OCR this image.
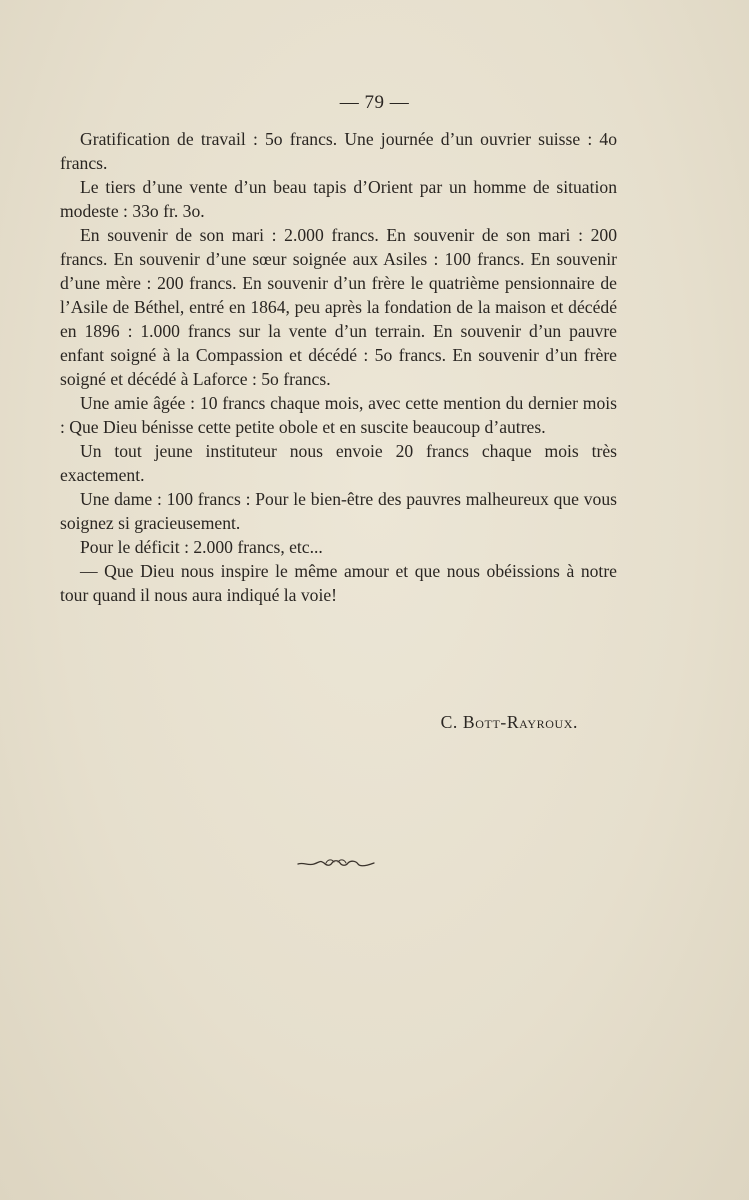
— 79 —

Gratification de travail : 5o francs. Une journée d’un ouvrier suisse : 4o francs.

Le tiers d’une vente d’un beau tapis d’Orient par un homme de situation modeste : 33o fr. 3o.

En souvenir de son mari : 2.000 francs. En souvenir de son mari : 200 francs. En souvenir d’une sœur soignée aux Asiles : 100 francs. En souvenir d’une mère : 200 francs. En souvenir d’un frère le quatrième pensionnaire de l’Asile de Béthel, entré en 1864, peu après la fondation de la maison et décédé en 1896 : 1.000 francs sur la vente d’un terrain. En souvenir d’un pauvre enfant soigné à la Compassion et décédé : 5o francs. En souvenir d’un frère soigné et décédé à Laforce : 5o francs.

Une amie âgée : 10 francs chaque mois, avec cette mention du dernier mois : Que Dieu bénisse cette petite obole et en suscite beaucoup d’autres.

Un tout jeune instituteur nous envoie 20 francs chaque mois très exactement.

Une dame : 100 francs : Pour le bien-être des pauvres malheureux que vous soignez si gracieusement.

Pour le déficit : 2.000 francs, etc...

— Que Dieu nous inspire le même amour et que nous obéissions à notre tour quand il nous aura indiqué la voie!

C. Bott-Rayroux.
